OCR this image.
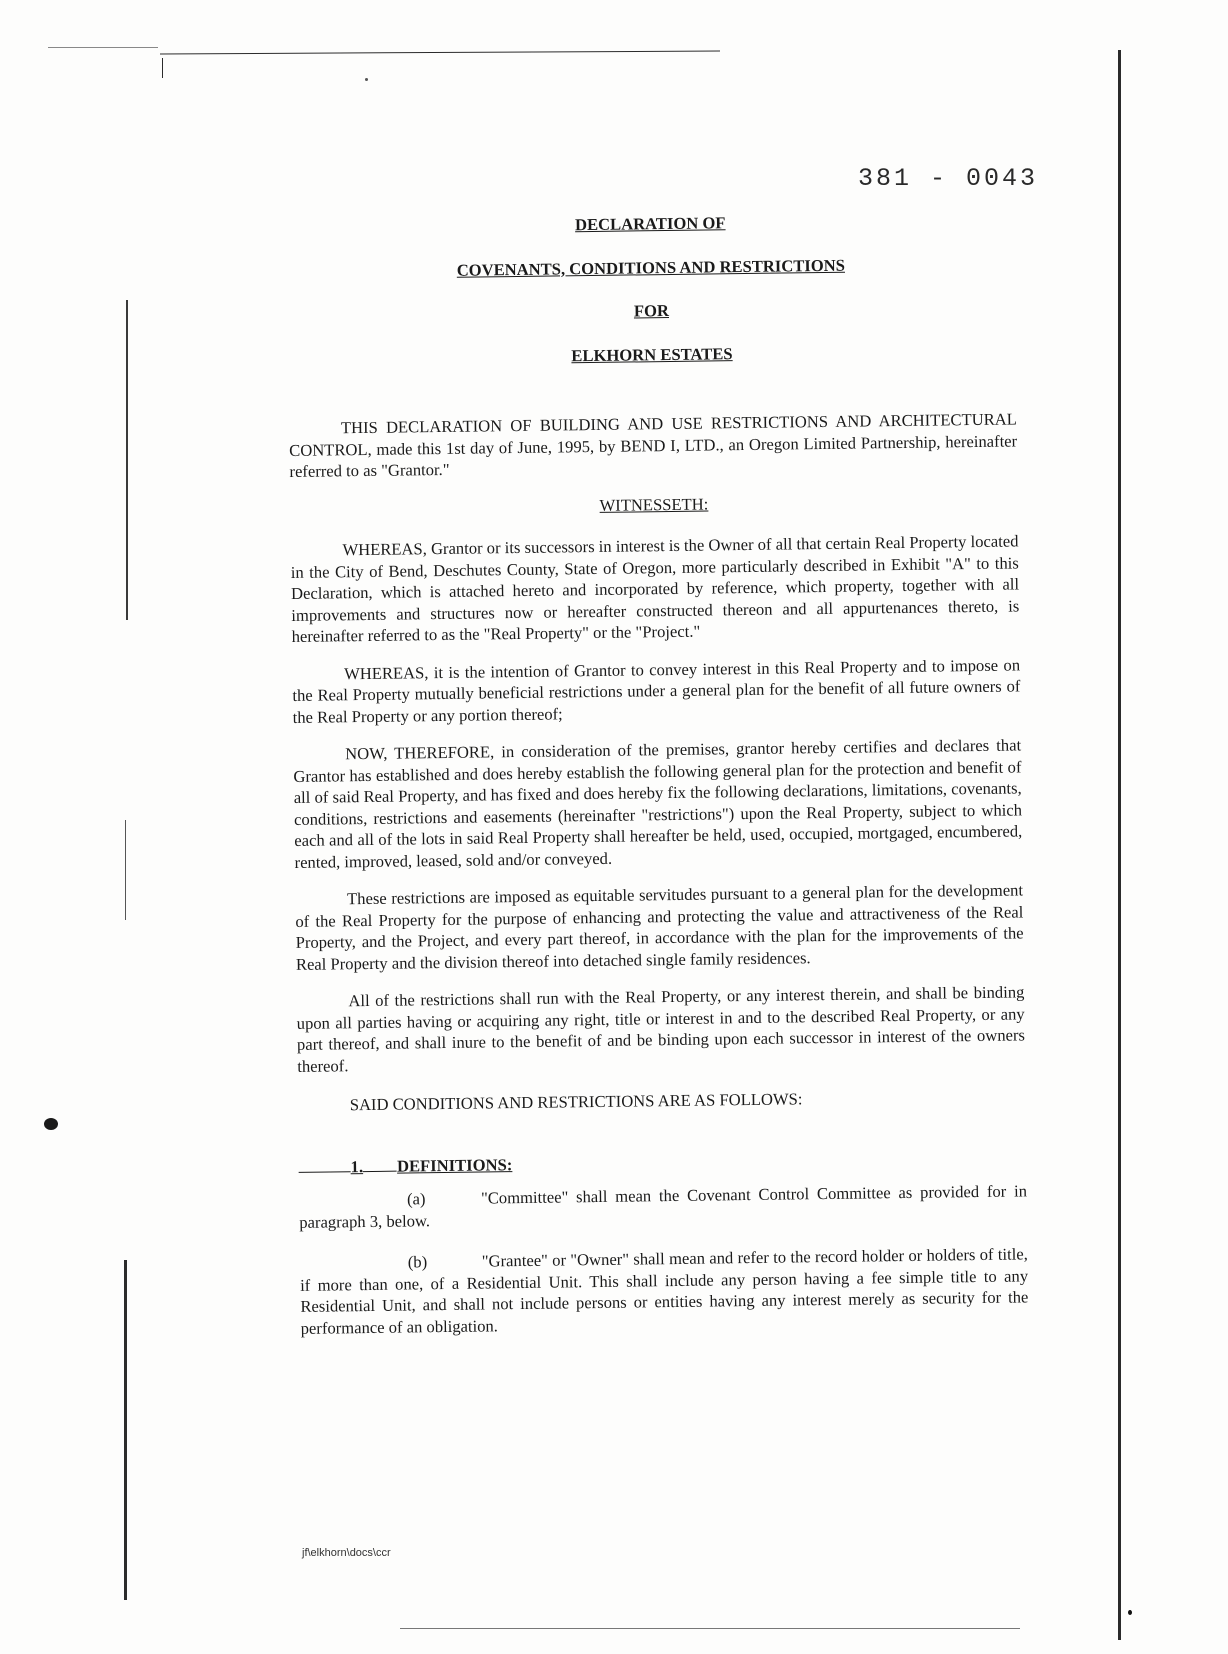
381 - 0043
DECLARATION OF
COVENANTS, CONDITIONS AND RESTRICTIONS
FOR
ELKHORN ESTATES

THIS DECLARATION OF BUILDING AND USE RESTRICTIONS AND ARCHITECTURAL CONTROL, made this 1st day of June, 1995, by BEND I, LTD., an Oregon Limited Partnership, hereinafter referred to as "Grantor."

WITNESSETH:

WHEREAS, Grantor or its successors in interest is the Owner of all that certain Real Property located in the City of Bend, Deschutes County, State of Oregon, more particularly described in Exhibit "A" to this Declaration, which is attached hereto and incorporated by reference, which property, together with all improvements and structures now or hereafter constructed thereon and all appurtenances thereto, is hereinafter referred to as the "Real Property" or the "Project."

WHEREAS, it is the intention of Grantor to convey interest in this Real Property and to impose on the Real Property mutually beneficial restrictions under a general plan for the benefit of all future owners of the Real Property or any portion thereof;

NOW, THEREFORE, in consideration of the premises, grantor hereby certifies and declares that Grantor has established and does hereby establish the following general plan for the protection and benefit of all of said Real Property, and has fixed and does hereby fix the following declarations, limitations, covenants, conditions, restrictions and easements (hereinafter "restrictions") upon the Real Property, subject to which each and all of the lots in said Real Property shall hereafter be held, used, occupied, mortgaged, encumbered, rented, improved, leased, sold and/or conveyed.

These restrictions are imposed as equitable servitudes pursuant to a general plan for the development of the Real Property for the purpose of enhancing and protecting the value and attractiveness of the Real Property, and the Project, and every part thereof, in accordance with the plan for the improvements of the Real Property and the division thereof into detached single family residences.

All of the restrictions shall run with the Real Property, or any interest therein, and shall be binding upon all parties having or acquiring any right, title or interest in and to the described Real Property, or any part thereof, and shall inure to the benefit of and be binding upon each successor in interest of the owners thereof.

SAID CONDITIONS AND RESTRICTIONS ARE AS FOLLOWS:

1. DEFINITIONS:

(a)	"Committee" shall mean the Covenant Control Committee as provided for in paragraph 3, below.

(b)	"Grantee" or "Owner" shall mean and refer to the record holder or holders of title, if more than one, of a Residential Unit. This shall include any person having a fee simple title to any Residential Unit, and shall not include persons or entities having any interest merely as security for the performance of an obligation.

jf\elkhorn\docs\ccr
